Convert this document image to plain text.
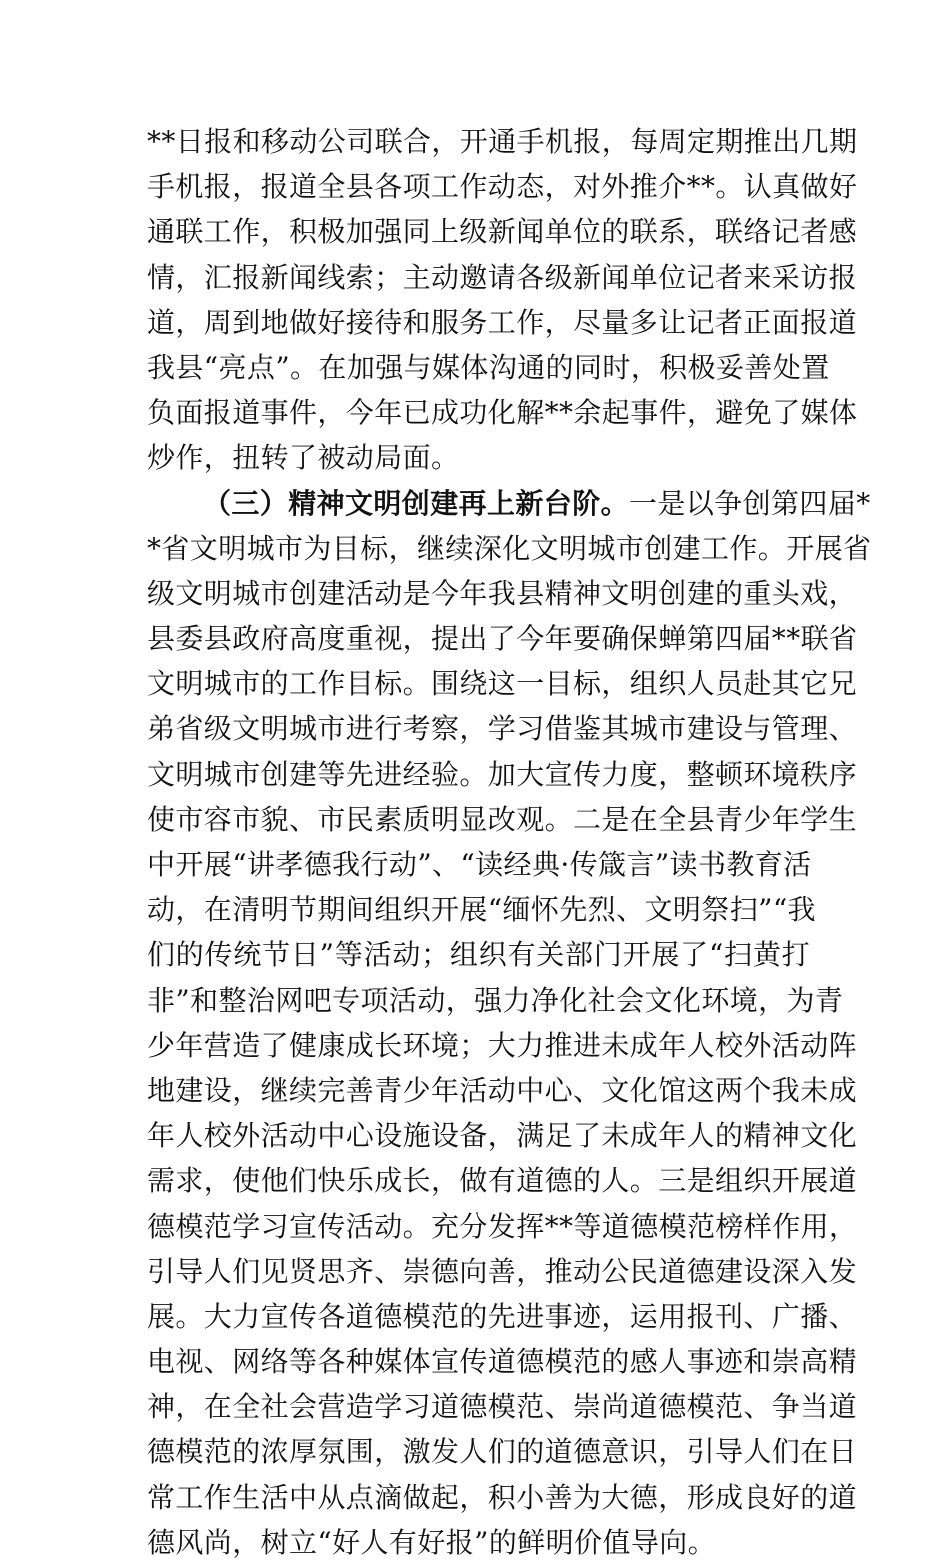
**日报和移动公司联合，开通手机报，每周定期推出几期
手机报，报道全县各项工作动态，对外推介**。认真做好
通联工作，积极加强同上级新闻单位的联系，联络记者感
情，汇报新闻线索；主动邀请各级新闻单位记者来采访报
道，周到地做好接待和服务工作，尽量多让记者正面报道
我县“亮点”。在加强与媒体沟通的同时，积极妥善处置
负面报道事件，今年已成功化解**余起事件，避免了媒体
炒作，扭转了被动局面。
（三）精神文明创建再上新台阶。一是以争创第四届*
*省文明城市为目标，继续深化文明城市创建工作。开展省
级文明城市创建活动是今年我县精神文明创建的重头戏，
县委县政府高度重视，提出了今年要确保蝉第四届**联省
文明城市的工作目标。围绕这一目标，组织人员赴其它兄
弟省级文明城市进行考察，学习借鉴其城市建设与管理、
文明城市创建等先进经验。加大宣传力度，整顿环境秩序
使市容市貌、市民素质明显改观。二是在全县青少年学生
中开展“讲孝德我行动”、“读经典·传箴言”读书教育活
动，在清明节期间组织开展“缅怀先烈、文明祭扫”“我
们的传统节日”等活动；组织有关部门开展了“扫黄打
非”和整治网吧专项活动，强力净化社会文化环境，为青
少年营造了健康成长环境；大力推进未成年人校外活动阵
地建设，继续完善青少年活动中心、文化馆这两个我未成
年人校外活动中心设施设备，满足了未成年人的精神文化
需求，使他们快乐成长，做有道德的人。三是组织开展道
德模范学习宣传活动。充分发挥**等道德模范榜样作用，
引导人们见贤思齐、崇德向善，推动公民道德建设深入发
展。大力宣传各道德模范的先进事迹，运用报刊、广播、
电视、网络等各种媒体宣传道德模范的感人事迹和崇高精
神，在全社会营造学习道德模范、崇尚道德模范、争当道
德模范的浓厚氛围，激发人们的道德意识，引导人们在日
常工作生活中从点滴做起，积小善为大德，形成良好的道
德风尚，树立“好人有好报”的鲜明价值导向。
